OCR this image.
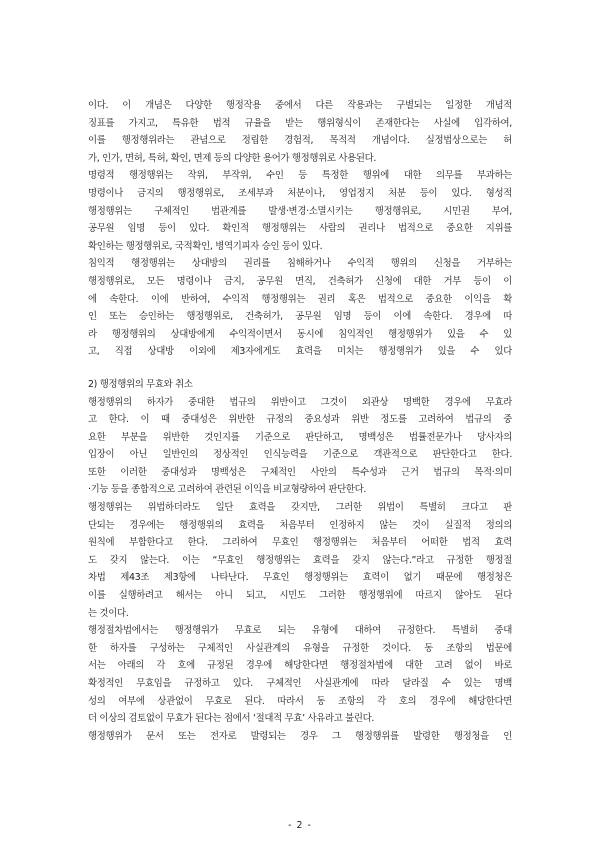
이다. 이 개념은 다양한 행정작용 중에서 다른 작용과는 구별되는 일정한 개념적

징표를 가지고, 특유한 법적 규율을 받는 행위형식이 존재한다는 사실에 입각하여,

이를 행정행위라는 관념으로 정립한 경험적, 목적적 개념이다. 실정법상으로는 허

가, 인가, 면허, 특허, 확인, 면제 등의 다양한 용어가 행정행위로 사용된다.

명령적 행정행위는 작위, 부작위, 수인 등 특정한 행위에 대한 의무를 부과하는

명령이나 금지의 행정행위로, 조세부과 처분이나, 영업정지 처분 등이 있다. 형성적

행정행위는 구체적인 법관계를 발생·변경·소멸시키는 행정행위로, 시민권 부여,

공무원 임명 등이 있다. 확인적 행정행위는 사람의 권리나 법적으로 중요한 지위를

확인하는 행정행위로, 국적확인, 병역기피자 승인 등이 있다.

침익적 행정행위는 상대방의 권리를 침해하거나 수익적 행위의 신청을 거부하는

행정행위로, 모든 명령이나 금지, 공무원 면직, 건축허가 신청에 대한 거부 등이 이

에 속한다. 이에 반하여, 수익적 행정행위는 권리 혹은 법적으로 중요한 이익을 확

인 또는 승인하는 행정행위로, 건축허가, 공무원 임명 등이 이에 속한다. 경우에 따

라 행정행위의 상대방에게 수익적이면서 동시에 침익적인 행정행위가 있을 수 있

고, 직접 상대방 이외에 제3자에게도 효력을 미치는 행정행위가 있을 수 있다

2) 행정행위의 무효와 취소

행정행위의 하자가 중대한 법규의 위반이고 그것이 외관상 명백한 경우에 무효라

고 한다. 이 때 중대성은 위반한 규정의 중요성과 위반 정도를 고려하여 법규의 중

요한 부분을 위반한 것인지를 기준으로 판단하고, 명백성은 법률전문가나 당사자의

입장이 아닌 일반인의 정상적인 인식능력을 기준으로 객관적으로 판단한다고 한다.

또한 이러한 중대성과 명백성은 구체적인 사안의 특수성과 근거 법규의 목적·의미

·기능 등을 종합적으로 고려하여 관련된 이익을 비교형량하여 판단한다.

행정행위는 위법하더라도 일단 효력을 갖지만, 그러한 위법이 특별히 크다고 판

단되는 경우에는 행정행위의 효력을 처음부터 인정하지 않는 것이 실질적 정의의

원칙에 부합한다고 한다. 그리하여 무효인 행정행위는 처음부터 어떠한 법적 효력

도 갖지 않는다. 이는 “무효인 행정행위는 효력을 갖지 않는다.”라고 규정한 행정절

차법 제43조 제3항에 나타난다. 무효인 행정행위는 효력이 없기 때문에 행정청은

이를 실행하려고 해서는 아니 되고, 시민도 그러한 행정행위에 따르지 않아도 된다

는 것이다.

행정절차법에서는 행정행위가 무효로 되는 유형에 대하여 규정한다. 특별히 중대

한 하자를 구성하는 구체적인 사실관계의 유형을 규정한 것이다. 동 조항의 법문에

서는 아래의 각 호에 규정된 경우에 해당한다면 행정절차법에 대한 고려 없이 바로

확정적인 무효임을 규정하고 있다. 구체적인 사실관계에 따라 달라질 수 있는 명백

성의 여부에 상관없이 무효로 된다. 따라서 동 조항의 각 호의 경우에 해당한다면

더 이상의 검토없이 무효가 된다는 점에서 ‘절대적 무효’ 사유라고 불린다.

행정행위가 문서 또는 전자로 발령되는 경우 그 행정행위를 발령한 행정청을 인

- 2 -
